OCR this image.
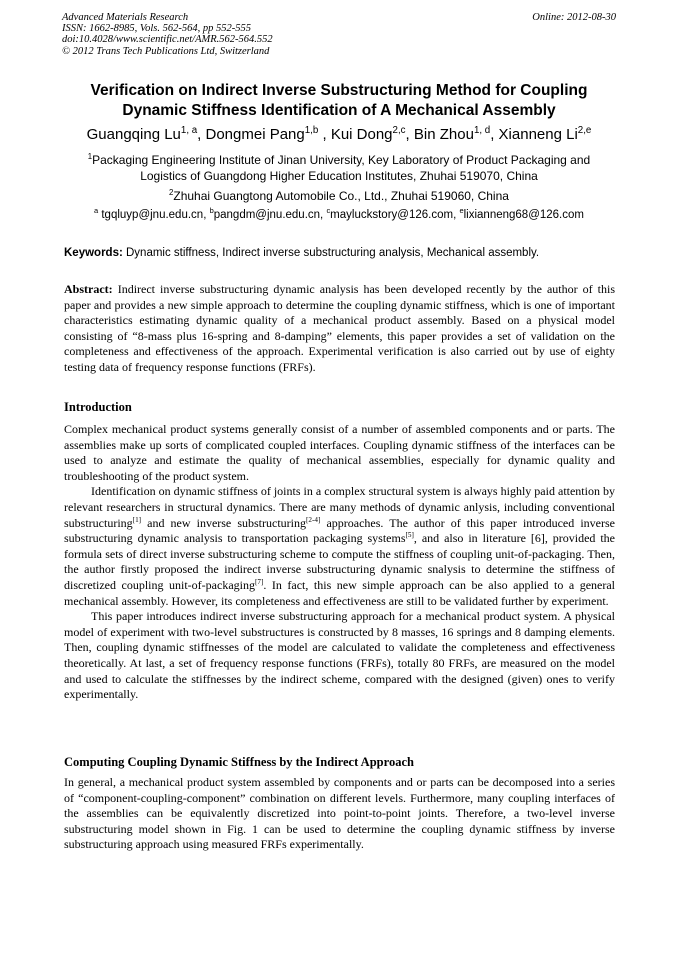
Advanced Materials Research
ISSN: 1662-8985, Vols. 562-564, pp 552-555
doi:10.4028/www.scientific.net/AMR.562-564.552
© 2012 Trans Tech Publications Ltd, Switzerland
Online: 2012-08-30
Verification on Indirect Inverse Substructuring Method for Coupling
Dynamic Stiffness Identification of A Mechanical Assembly
Guangqing Lu$^{1, a}$, Dongmei Pang$^{1,b}$ , Kui Dong$^{2,c}$, Bin Zhou$^{1, d}$, Xianneng Li$^{2,e}$
$^1$Packaging Engineering Institute of Jinan University, Key Laboratory of Product Packaging and
Logistics of Guangdong Higher Education Institutes, Zhuhai 519070, China
$^2$Zhuhai Guangtong Automobile Co., Ltd., Zhuhai 519060, China
$^a$ tgqluyp@jnu.edu.cn, $^b$pangdm@jnu.edu.cn, $^c$mayluckstory@126.com, $^e$lixianneng68@126.com
Keywords: Dynamic stiffness, Indirect inverse substructuring analysis, Mechanical assembly.

Abstract: Indirect inverse substructuring dynamic analysis has been developed recently by the author of this paper and provides a new simple approach to determine the coupling dynamic stiffness, which is one of important characteristics estimating dynamic quality of a mechanical product assembly. Based on a physical model consisting of “8-mass plus 16-spring and 8-damping” elements, this paper provides a set of validation on the completeness and effectiveness of the approach. Experimental verification is also carried out by use of eighty testing data of frequency response functions (FRFs).

Introduction

Complex mechanical product systems generally consist of a number of assembled components and or parts. The assemblies make up sorts of complicated coupled interfaces. Coupling dynamic stiffness of the interfaces can be used to analyze and estimate the quality of mechanical assemblies, especially for dynamic quality and troubleshooting of the product system.

Identification on dynamic stiffness of joints in a complex structural system is always highly paid attention by relevant researchers in structural dynamics. There are many methods of dynamic anlysis, including conventional substructuring[1] and new inverse substructuring[2-4] approaches. The author of this paper introduced inverse substructuring dynamic analysis to transportation packaging systems[5], and also in literature [6], provided the formula sets of direct inverse substructuring scheme to compute the stiffness of coupling unit-of-packaging. Then, the author firstly proposed the indirect inverse substructuring dynamic snalysis to determine the stiffness of discretized coupling unit-of-packaging[7]. In fact, this new simple approach can be also applied to a general mechanical assembly. However, its completeness and effectiveness are still to be validated further by experiment.

This paper introduces indirect inverse substructuring approach for a mechanical product system. A physical model of experiment with two-level substructures is constructed by 8 masses, 16 springs and 8 damping elements. Then, coupling dynamic stiffnesses of the model are calculated to validate the completeness and effectiveness theoretically. At last, a set of frequency response functions (FRFs), totally 80 FRFs, are measured on the model and used to calculate the stiffnesses by the indirect scheme, compared with the designed (given) ones to verify experimentally.

Computing Coupling Dynamic Stiffness by the Indirect Approach

In general, a mechanical product system assembled by components and or parts can be decomposed into a series of “component-coupling-component” combination on different levels. Furthermore, many coupling interfaces of the assemblies can be equivalently discretized into point-to-point joints. Therefore, a two-level inverse substructuring model shown in Fig. 1 can be used to determine the coupling dynamic stiffness by inverse substructuring approach using measured FRFs experimentally.
